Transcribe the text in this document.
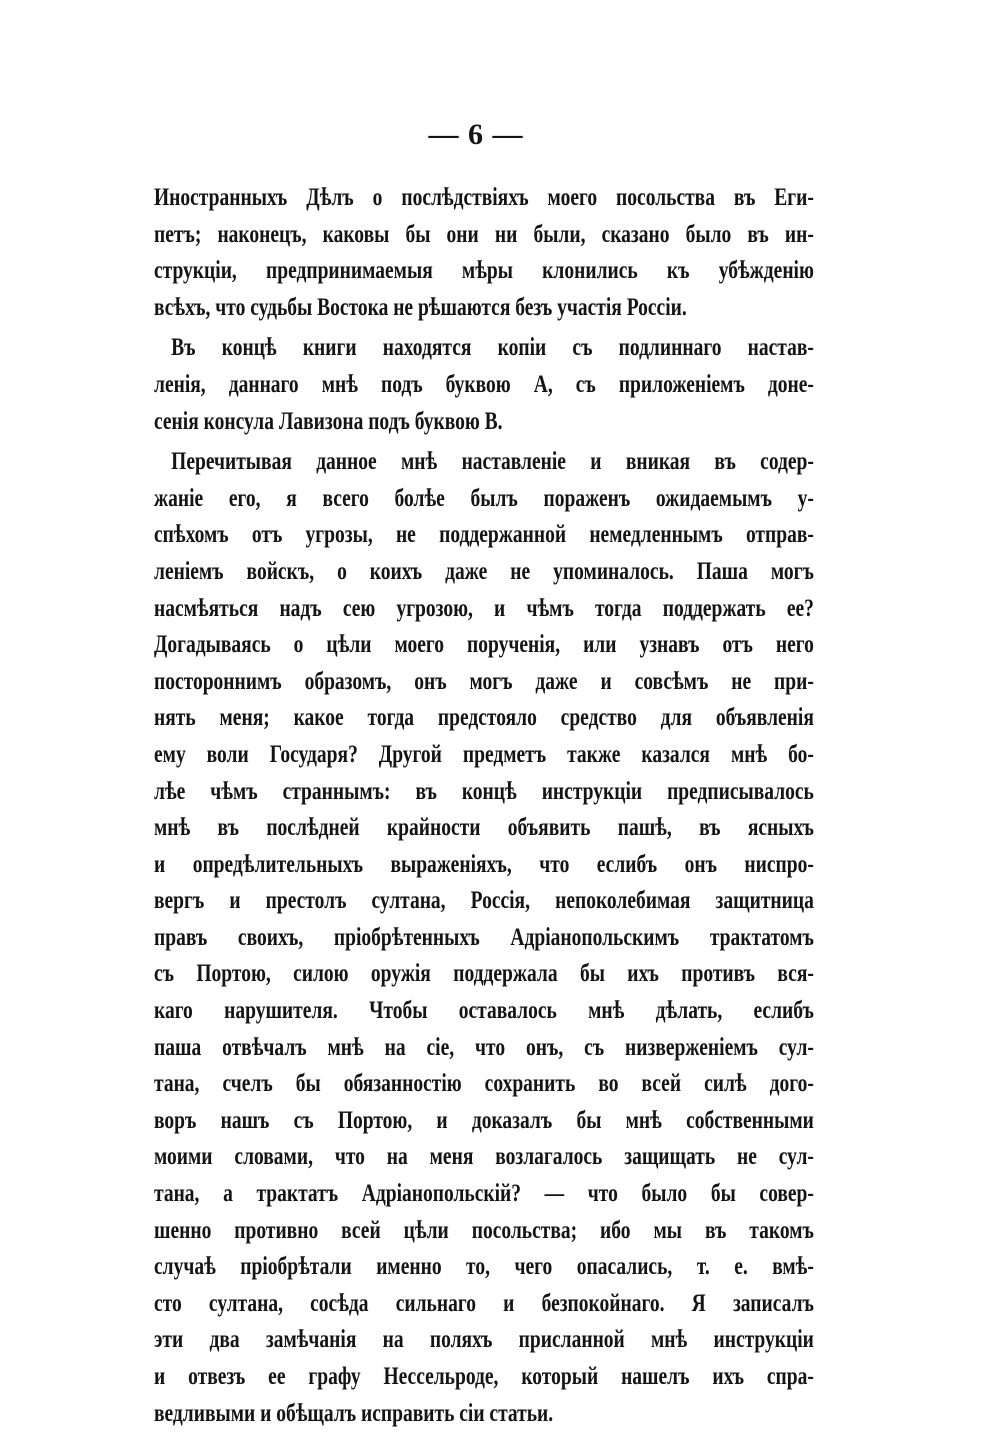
— 6 —
Иностранныхъ Дѣлъ о послѣдствіяхъ моего посольства въ Еги-
петъ; наконецъ, каковы бы они ни были, сказано было въ ин-
струкціи, предпринимаемыя мѣры клонились къ убѣжденію
всѣхъ, что судьбы Востока не рѣшаются безъ участія Россіи.
Въ концѣ книги находятся копіи съ подлиннаго настав-
ленія, даннаго мнѣ подъ буквою А, съ приложеніемъ доне-
сенія консула Лавизона подъ буквою В.
Перечитывая данное мнѣ наставленіе и вникая въ содер-
жаніе его, я всего болѣе былъ пораженъ ожидаемымъ у-
спѣхомъ отъ угрозы, не поддержанной немедленнымъ отправ-
леніемъ войскъ, о коихъ даже не упоминалось. Паша могъ
насмѣяться надъ сею угрозою, и чѣмъ тогда поддержать ее?
Догадываясь о цѣли моего порученія, или узнавъ отъ него
постороннимъ образомъ, онъ могъ даже и совсѣмъ не при-
нять меня; какое тогда предстояло средство для объявленія
ему воли Государя? Другой предметъ также казался мнѣ бо-
лѣе чѣмъ страннымъ: въ концѣ инструкціи предписывалось
мнѣ въ послѣдней крайности объявить пашѣ, въ ясныхъ
и опредѣлительныхъ выраженіяхъ, что еслибъ онъ ниспро-
вергъ и престолъ султана, Россія, непоколебимая защитница
правъ своихъ, пріобрѣтенныхъ Адріанопольскимъ трактатомъ
съ Портою, силою оружія поддержала бы ихъ противъ вся-
каго нарушителя. Чтобы оставалось мнѣ дѣлать, еслибъ
паша отвѣчалъ мнѣ на сіе, что онъ, съ низверженіемъ сул-
тана, счелъ бы обязанностію сохранить во всей силѣ дого-
воръ нашъ съ Портою, и доказалъ бы мнѣ собственными
моими словами, что на меня возлагалось защищать не сул-
тана, а трактатъ Адріанопольскій? — что было бы совер-
шенно противно всей цѣли посольства; ибо мы въ такомъ
случаѣ пріобрѣтали именно то, чего опасались, т. е. вмѣ-
сто султана, сосѣда сильнаго и безпокойнаго. Я записалъ
эти два замѣчанія на поляхъ присланной мнѣ инструкціи
и отвезъ ее графу Нессельроде, который нашелъ ихъ спра-
ведливыми и обѣщалъ исправить сіи статьи.
